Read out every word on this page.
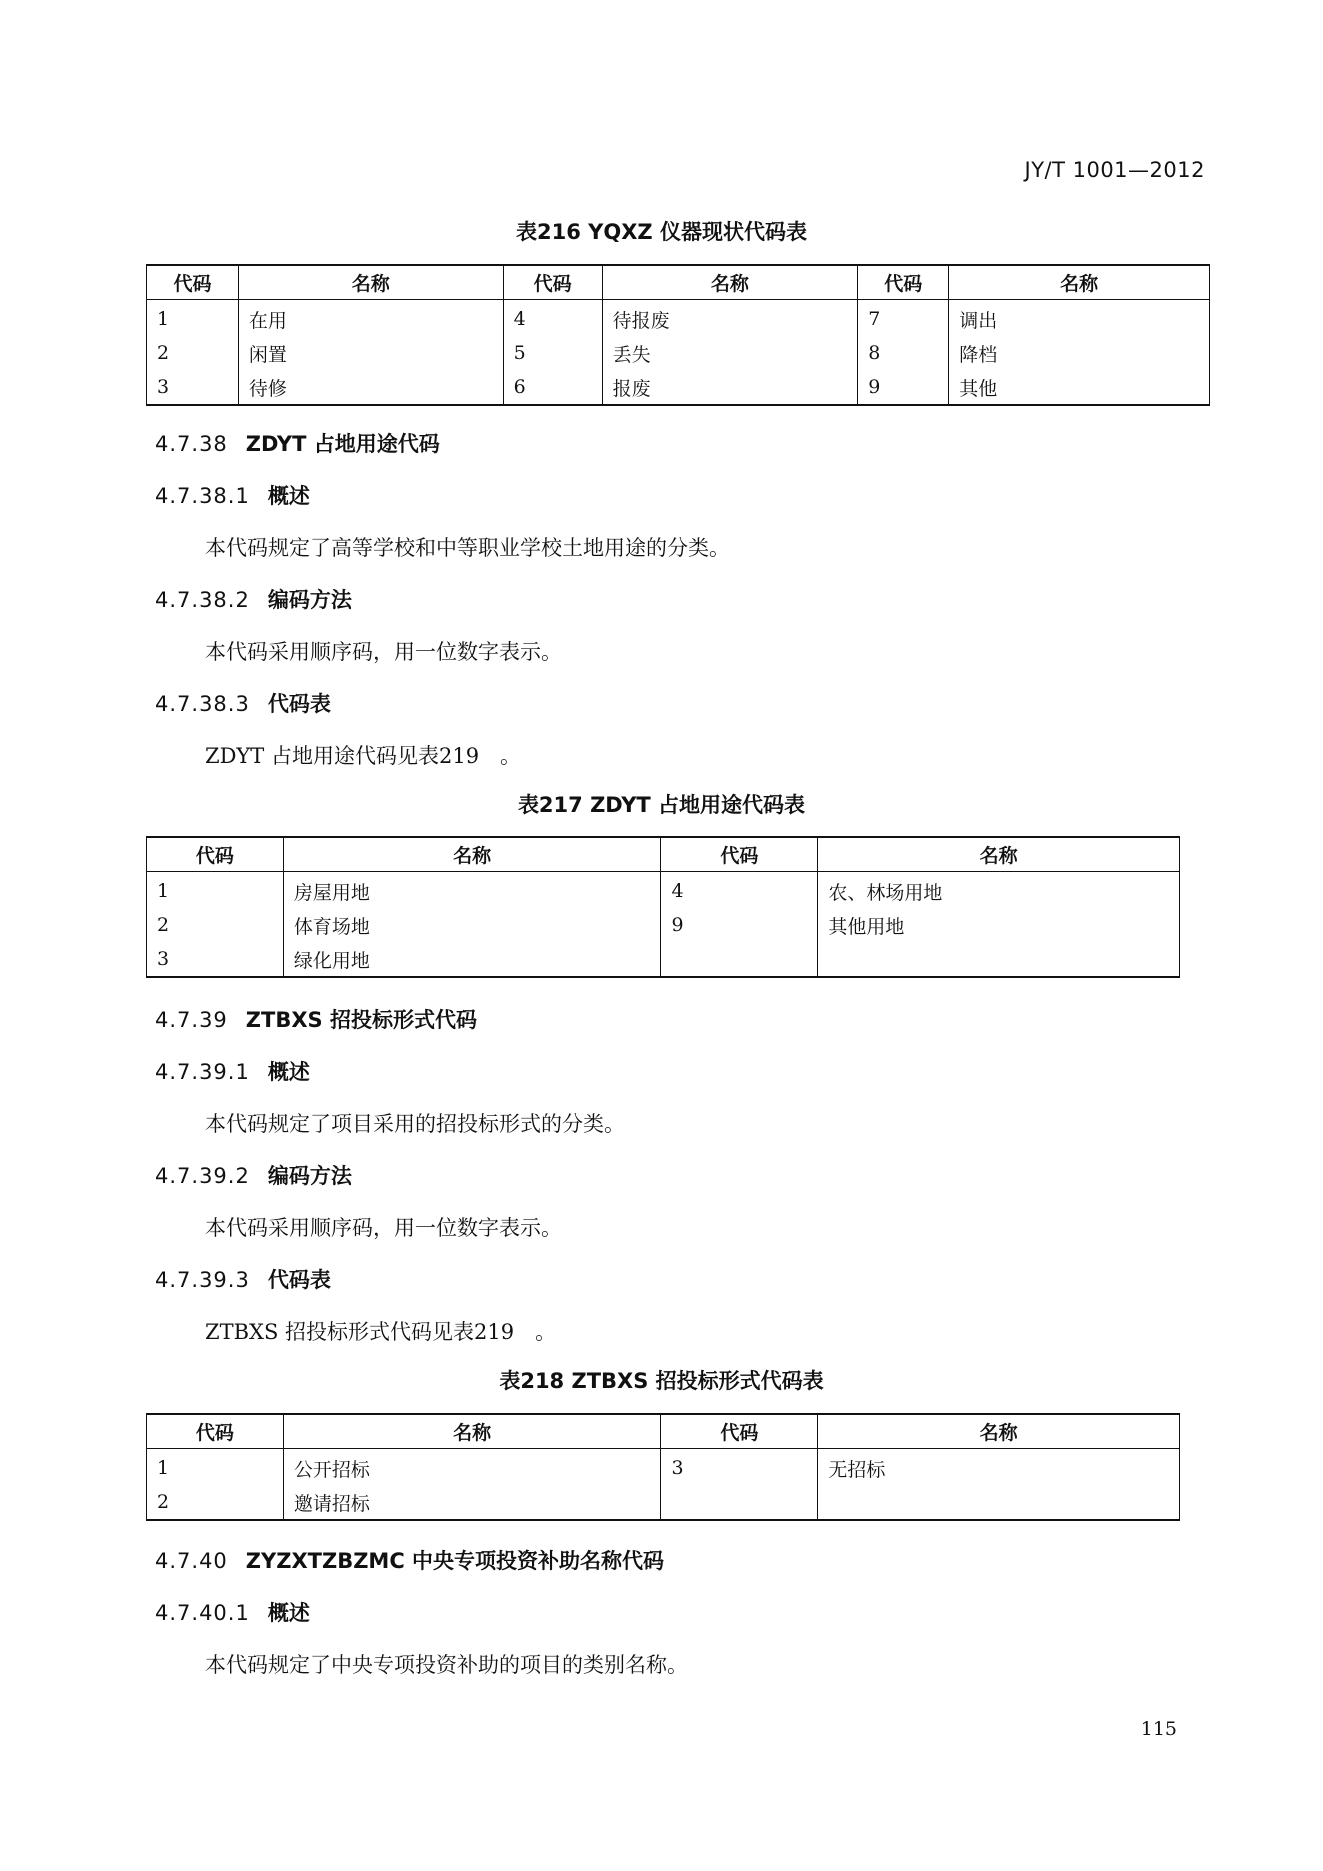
JY/T 1001—2012
表216 YQXZ 仪器现状代码表
代码	名称	代码	名称	代码	名称
1	在用	4	待报废	7	调出
2	闲置	5	丢失	8	降档
3	待修	6	报废	9	其他
4.7.38 ZDYT 占地用途代码
4.7.38.1 概述
本代码规定了高等学校和中等职业学校土地用途的分类。
4.7.38.2 编码方法
本代码采用顺序码，用一位数字表示。
4.7.38.3 代码表
ZDYT 占地用途代码见表219　。
表217 ZDYT 占地用途代码表
代码	名称	代码	名称
1	房屋用地	4	农、林场用地
2	体育场地	9	其他用地
3	绿化用地		
4.7.39 ZTBXS 招投标形式代码
4.7.39.1 概述
本代码规定了项目采用的招投标形式的分类。
4.7.39.2 编码方法
本代码采用顺序码，用一位数字表示。
4.7.39.3 代码表
ZTBXS 招投标形式代码见表219　。
表218 ZTBXS 招投标形式代码表
代码	名称	代码	名称
1	公开招标	3	无招标
2	邀请招标		
4.7.40 ZYZXTZBZMC 中央专项投资补助名称代码
4.7.40.1 概述
本代码规定了中央专项投资补助的项目的类别名称。
115
